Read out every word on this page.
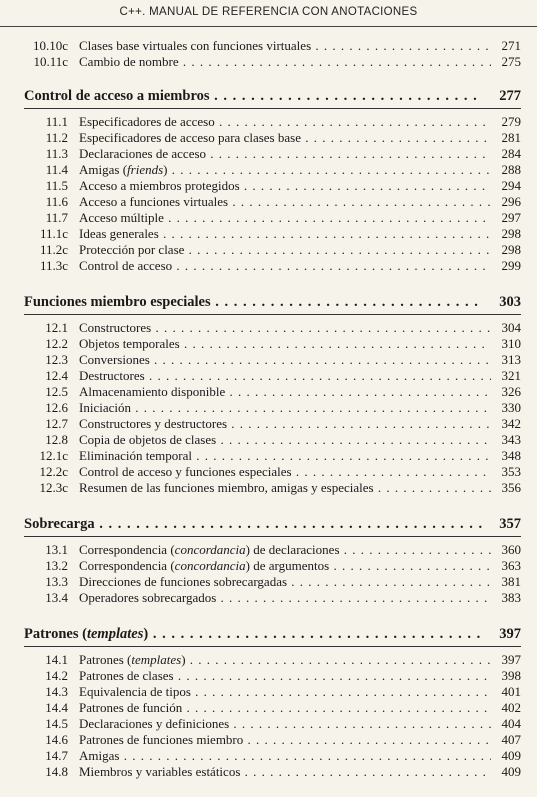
C++. MANUAL DE REFERENCIA CON ANOTACIONES
10.10c Clases base virtuales con funciones virtuales . . .	271
10.11c Cambio de nombre . . .	275
Control de acceso a miembros . . .	277
11.1 Especificadores de acceso . . .	279
11.2 Especificadores de acceso para clases base . . .	281
11.3 Declaraciones de acceso . . .	284
11.4 Amigas (friends) . . .	288
11.5 Acceso a miembros protegidos . . .	294
11.6 Acceso a funciones virtuales . . .	296
11.7 Acceso múltiple . . .	297
11.1c Ideas generales . . .	298
11.2c Protección por clase . . .	298
11.3c Control de acceso . . .	299
Funciones miembro especiales . . .	303
12.1 Constructores . . .	304
12.2 Objetos temporales . . .	310
12.3 Conversiones . . .	313
12.4 Destructores . . .	321
12.5 Almacenamiento disponible . . .	326
12.6 Iniciación . . .	330
12.7 Constructores y destructores . . .	342
12.8 Copia de objetos de clases . . .	343
12.1c Eliminación temporal . . .	348
12.2c Control de acceso y funciones especiales . . .	353
12.3c Resumen de las funciones miembro, amigas y especiales . . .	356
Sobrecarga . . .	357
13.1 Correspondencia (concordancia) de declaraciones . . .	360
13.2 Correspondencia (concordancia) de argumentos . . .	363
13.3 Direcciones de funciones sobrecargadas . . .	381
13.4 Operadores sobrecargados . . .	383
Patrones (templates) . . .	397
14.1 Patrones (templates) . . .	397
14.2 Patrones de clases . . .	398
14.3 Equivalencia de tipos . . .	401
14.4 Patrones de función . . .	402
14.5 Declaraciones y definiciones . . .	404
14.6 Patrones de funciones miembro . . .	407
14.7 Amigas . . .	409
14.8 Miembros y variables estáticos . . .	409
